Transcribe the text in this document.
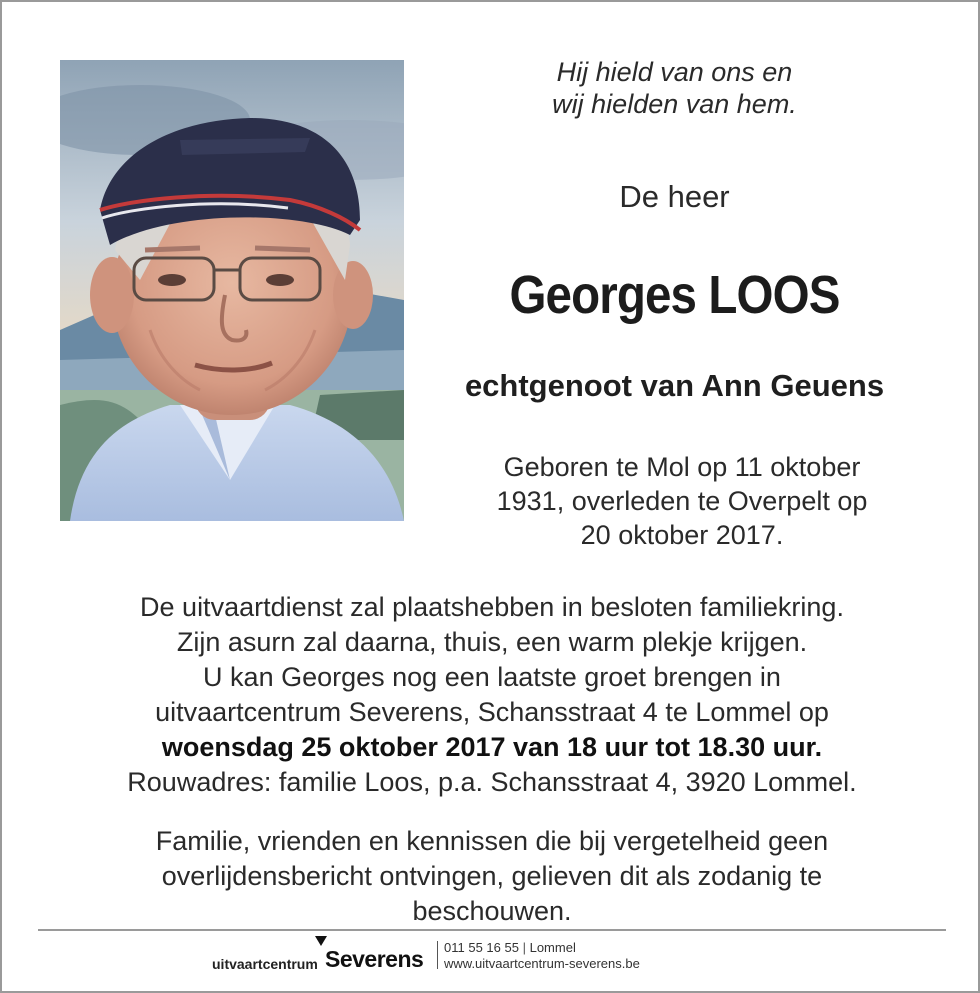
Hij hield van ons en
wij hielden van hem.
De heer
Georges LOOS
echtgenoot van Ann Geuens
Geboren te Mol op 11 oktober
1931, overleden te Overpelt op
20 oktober 2017.
De uitvaartdienst zal plaatshebben in besloten familiekring.
Zijn asurn zal daarna, thuis, een warm plekje krijgen.
U kan Georges nog een laatste groet brengen in
uitvaartcentrum Severens, Schansstraat 4 te Lommel op
woensdag 25 oktober 2017 van 18 uur tot 18.30 uur.
Rouwadres: familie Loos, p.a. Schansstraat 4, 3920 Lommel.
Familie, vrienden en kennissen die bij vergetelheid geen
overlijdensbericht ontvingen, gelieven dit als zodanig te
beschouwen.
uitvaartcentrum Severens 011 55 16 55 | Lommel
www.uitvaartcentrum-severens.be
